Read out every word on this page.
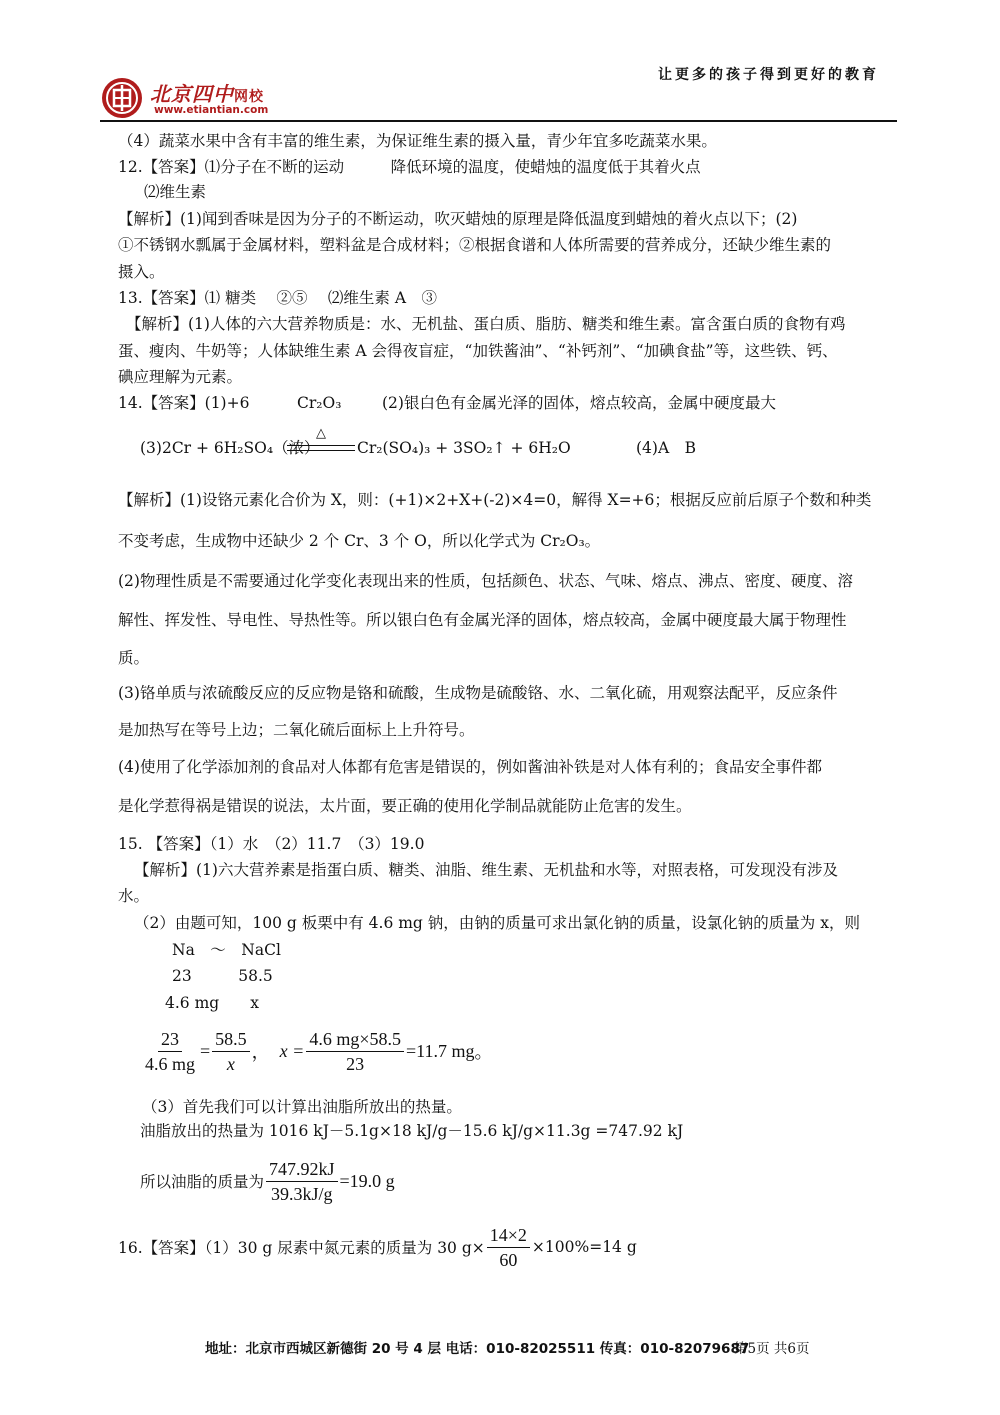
让更多的孩子得到更好的教育
北京四中网校
www.etiantian.com
（4）蔬菜水果中含有丰富的维生素，为保证维生素的摄入量，青少年宜多吃蔬菜水果。
12.【答案】⑴分子在不断的运动　　　降低环境的温度，使蜡烛的温度低于其着火点
⑵维生素
【解析】(1)闻到香味是因为分子的不断运动，吹灭蜡烛的原理是降低温度到蜡烛的着火点以下；(2)
①不锈钢水瓢属于金属材料，塑料盆是合成材料；②根据食谱和人体所需要的营养成分，还缺少维生素的
摄入。
13.【答案】⑴ 糖类　 ②⑤　 ⑵维生素 A　③
【解析】(1)人体的六大营养物质是：水、无机盐、蛋白质、脂肪、糖类和维生素。富含蛋白质的食物有鸡
蛋、瘦肉、牛奶等；人体缺维生素 A 会得夜盲症，“加铁酱油”、“补钙剂”、“加碘食盐”等，这些铁、钙、
碘应理解为元素。
14.【答案】(1)+6	Cr₂O₃	(2)银白色有金属光泽的固体，熔点较高，金属中硬度最大
(3)2Cr + 6H₂SO₄（浓）
△
Cr₂(SO₄)₃ + 3SO₂↑ + 6H₂O	(4)A　B
【解析】(1)设铬元素化合价为 X，则：(+1)×2+X+(-2)×4=0，解得 X=+6；根据反应前后原子个数和种类
不变考虑，生成物中还缺少 2 个 Cr、3 个 O，所以化学式为 Cr₂O₃。
(2)物理性质是不需要通过化学变化表现出来的性质，包括颜色、状态、气味、熔点、沸点、密度、硬度、溶
解性、挥发性、导电性、导热性等。所以银白色有金属光泽的固体，熔点较高，金属中硬度最大属于物理性
质。
(3)铬单质与浓硫酸反应的反应物是铬和硫酸，生成物是硫酸铬、水、二氧化硫，用观察法配平，反应条件
是加热写在等号上边；二氧化硫后面标上上升符号。
(4)使用了化学添加剂的食品对人体都有危害是错误的，例如酱油补铁是对人体有利的；食品安全事件都
是化学惹得祸是错误的说法，太片面，要正确的使用化学制品就能防止危害的发生。
15. 【答案】（1）水　（2）11.7　（3）19.0
【解析】(1)六大营养素是指蛋白质、糖类、油脂、维生素、无机盐和水等，对照表格，可发现没有涉及
水。
（2）由题可知，100 g 板栗中有 4.6 mg 钠，由钠的质量可求出氯化钠的质量，设氯化钠的质量为 x，则
Na　～　NaCl
23　　　58.5
4.6 mg　　x
$\frac{23}{4.6 mg} = \frac{58.5}{x}$ ， $x = \frac{4.6 mg\times 58.5}{23} =11.7$ mg 。
（3）首先我们可以计算出油脂所放出的热量。
油脂放出的热量为 1016 kJ－5.1g×18 kJ/g－15.6 kJ/g×11.3g =747.92 kJ
所以油脂的质量为 $\frac{747.92kJ}{39.3kJ/g} =19.0$ g
16.【答案】（1）30 g 尿素中氮元素的质量为 30 $g\times \frac{14\times 2}{60} \times 100\%=14$ g
地址：北京市西城区新德街 20 号 4 层 电话：010-82025511 传真：010-82079687
第5页 共6页
